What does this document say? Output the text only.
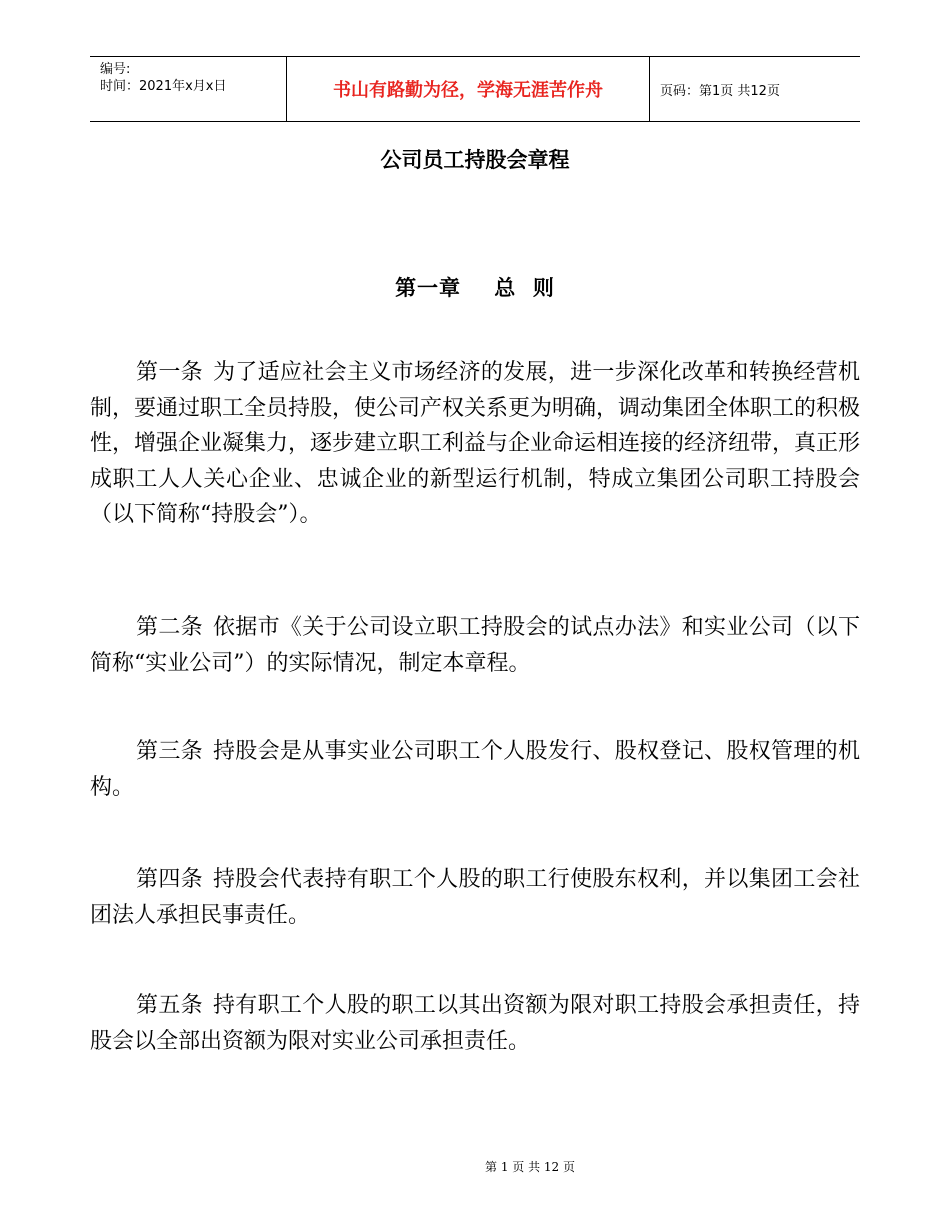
编号:
时间：2021年x月x日	书山有路勤为径，学海无涯苦作舟	页码：第1页 共12页
公司员工持股会章程
第一章    总  则

第一条 为了适应社会主义市场经济的发展，进一步深化改革和转换经营机制，要通过职工全员持股，使公司产权关系更为明确，调动集团全体职工的积极性，增强企业凝集力，逐步建立职工利益与企业命运相连接的经济纽带，真正形成职工人人关心企业、忠诚企业的新型运行机制，特成立集团公司职工持股会（以下简称“持股会”）。

第二条 依据市《关于公司设立职工持股会的试点办法》和实业公司（以下简称“实业公司”）的实际情况，制定本章程。

第三条 持股会是从事实业公司职工个人股发行、股权登记、股权管理的机构。

第四条 持股会代表持有职工个人股的职工行使股东权利，并以集团工会社团法人承担民事责任。

第五条 持有职工个人股的职工以其出资额为限对职工持股会承担责任，持股会以全部出资额为限对实业公司承担责任。

第 1 页 共 12 页
